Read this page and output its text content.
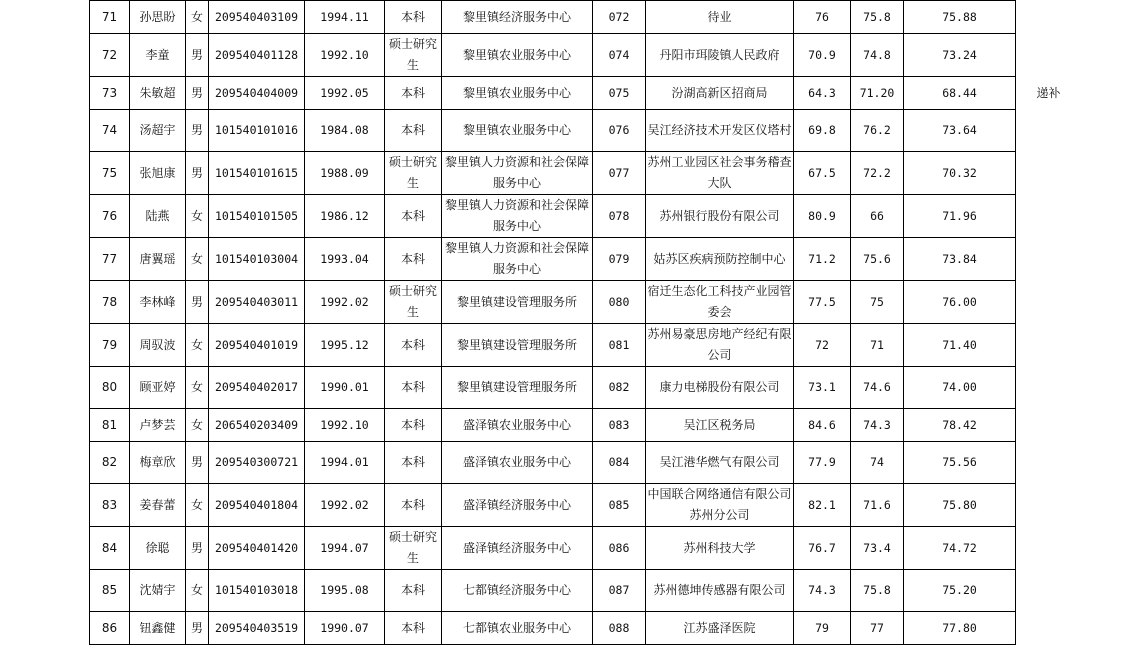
71	孙思盼	女	209540403109	1994.11	本科	黎里镇经济服务中心	072	待业	76	75.8	75.88	
72	李童	男	209540401128	1992.10	硕士研究生	黎里镇农业服务中心	074	丹阳市珥陵镇人民政府	70.9	74.8	73.24	
73	朱敏超	男	209540404009	1992.05	本科	黎里镇农业服务中心	075	汾湖高新区招商局	64.3	71.20	68.44	递补
74	汤超宇	男	101540101016	1984.08	本科	黎里镇农业服务中心	076	吴江经济技术开发区仪塔村	69.8	76.2	73.64	
75	张旭康	男	101540101615	1988.09	硕士研究生	黎里镇人力资源和社会保障服务中心	077	苏州工业园区社会事务稽查大队	67.5	72.2	70.32	
76	陆燕	女	101540101505	1986.12	本科	黎里镇人力资源和社会保障服务中心	078	苏州银行股份有限公司	80.9	66	71.96	
77	唐翼瑶	女	101540103004	1993.04	本科	黎里镇人力资源和社会保障服务中心	079	姑苏区疾病预防控制中心	71.2	75.6	73.84	
78	李林峰	男	209540403011	1992.02	硕士研究生	黎里镇建设管理服务所	080	宿迁生态化工科技产业园管委会	77.5	75	76.00	
79	周驭波	女	209540401019	1995.12	本科	黎里镇建设管理服务所	081	苏州易豪思房地产经纪有限公司	72	71	71.40	
80	顾亚婷	女	209540402017	1990.01	本科	黎里镇建设管理服务所	082	康力电梯股份有限公司	73.1	74.6	74.00	
81	卢梦芸	女	206540203409	1992.10	本科	盛泽镇农业服务中心	083	吴江区税务局	84.6	74.3	78.42	
82	梅章欣	男	209540300721	1994.01	本科	盛泽镇农业服务中心	084	吴江港华燃气有限公司	77.9	74	75.56	
83	姜春蕾	女	209540401804	1992.02	本科	盛泽镇经济服务中心	085	中国联合网络通信有限公司苏州分公司	82.1	71.6	75.80	
84	徐聪	男	209540401420	1994.07	硕士研究生	盛泽镇经济服务中心	086	苏州科技大学	76.7	73.4	74.72	
85	沈婧宇	女	101540103018	1995.08	本科	七都镇经济服务中心	087	苏州德坤传感器有限公司	74.3	75.8	75.20	
86	钮鑫健	男	209540403519	1990.07	本科	七都镇农业服务中心	088	江苏盛泽医院	79	77	77.80	
